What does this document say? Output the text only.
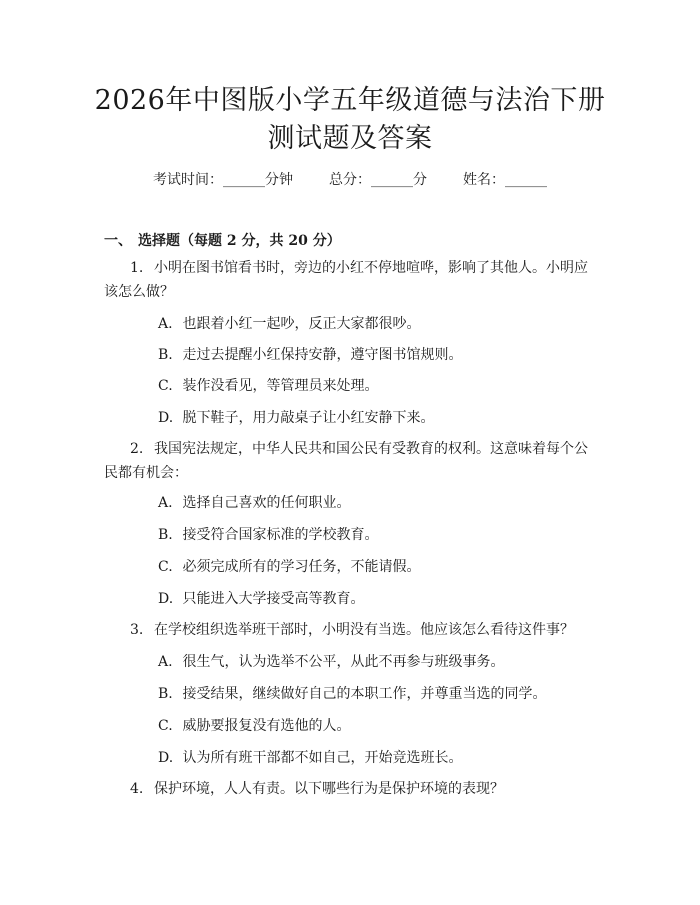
2026年中图版小学五年级道德与法治下册测试题及答案
考试时间：______分钟	总分：______分	姓名：______
一、 选择题（每题 2 分，共 20 分）
1. 小明在图书馆看书时，旁边的小红不停地喧哗，影响了其他人。小明应该怎么做？
A. 也跟着小红一起吵，反正大家都很吵。
B. 走过去提醒小红保持安静，遵守图书馆规则。
C. 装作没看见，等管理员来处理。
D. 脱下鞋子，用力敲桌子让小红安静下来。
2. 我国宪法规定，中华人民共和国公民有受教育的权利。这意味着每个公民都有机会：
A. 选择自己喜欢的任何职业。
B. 接受符合国家标准的学校教育。
C. 必须完成所有的学习任务，不能请假。
D. 只能进入大学接受高等教育。
3. 在学校组织选举班干部时，小明没有当选。他应该怎么看待这件事？
A. 很生气，认为选举不公平，从此不再参与班级事务。
B. 接受结果，继续做好自己的本职工作，并尊重当选的同学。
C. 威胁要报复没有选他的人。
D. 认为所有班干部都不如自己，开始竞选班长。
4. 保护环境，人人有责。以下哪些行为是保护环境的表现？
